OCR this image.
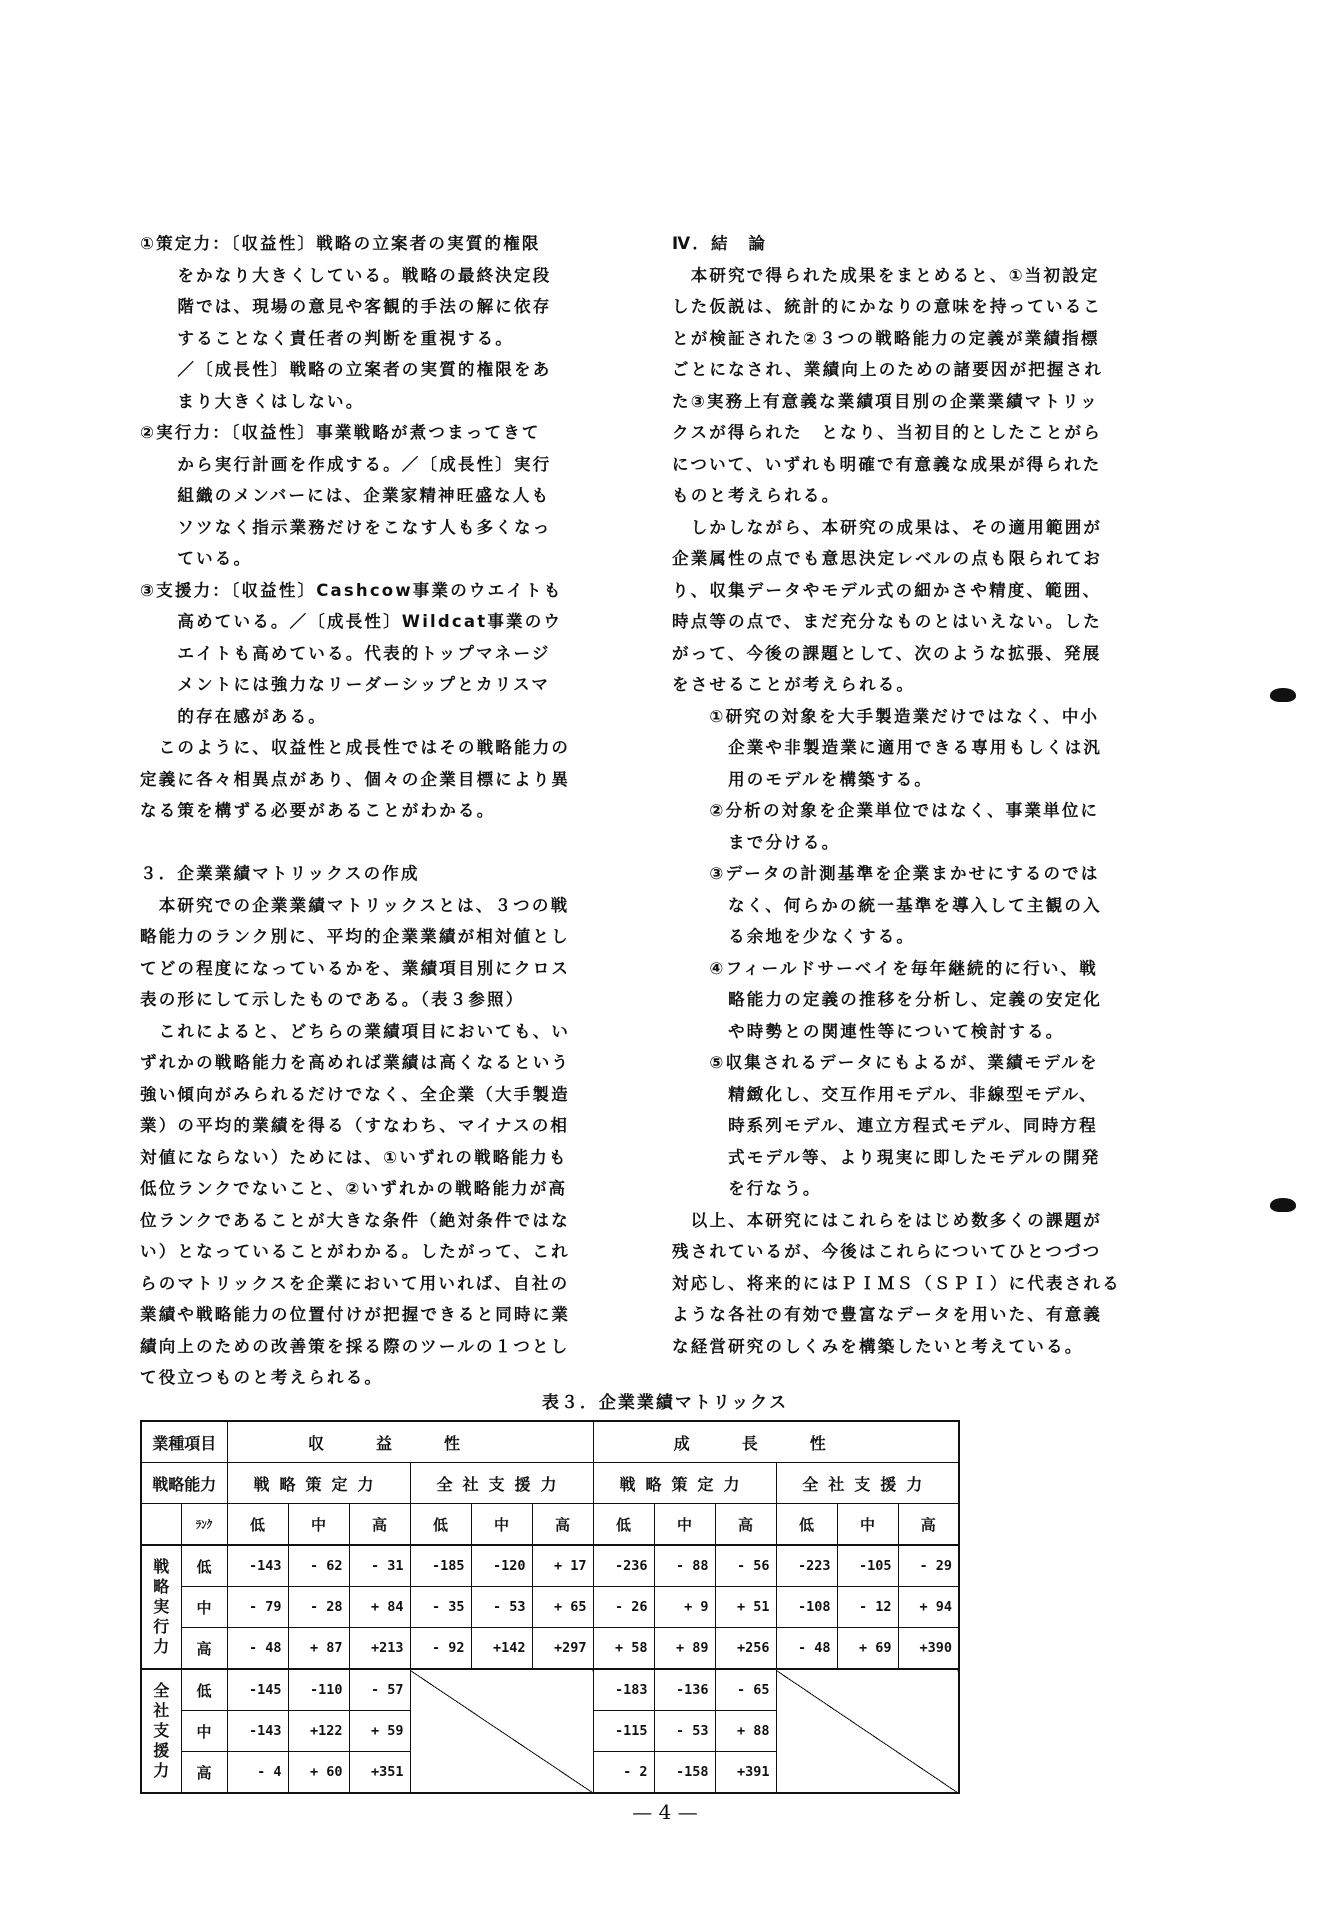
①策定力：〔収益性〕戦略の立案者の実質的権限

　　をかなり大きくしている。戦略の最終決定段

　　階では、現場の意見や客観的手法の解に依存

　　することなく責任者の判断を重視する。

　　／〔成長性〕戦略の立案者の実質的権限をあ

　　まり大きくはしない。

②実行力：〔収益性〕事業戦略が煮つまってきて

　　から実行計画を作成する。／〔成長性〕実行

　　組織のメンバーには、企業家精神旺盛な人も

　　ソツなく指示業務だけをこなす人も多くなっ

　　ている。

③支援力：〔収益性〕Cashcow事業のウエイトも

　　高めている。／〔成長性〕Wildcat事業のウ

　　エイトも高めている。代表的トップマネージ

　　メントには強力なリーダーシップとカリスマ

　　的存在感がある。

　このように、収益性と成長性ではその戦略能力の

定義に各々相異点があり、個々の企業目標により異

なる策を構ずる必要があることがわかる。

３．企業業績マトリックスの作成

　本研究での企業業績マトリックスとは、３つの戦

略能力のランク別に、平均的企業業績が相対値とし

てどの程度になっているかを、業績項目別にクロス

表の形にして示したものである。（表３参照）

　これによると、どちらの業績項目においても、い

ずれかの戦略能力を高めれば業績は高くなるという

強い傾向がみられるだけでなく、全企業（大手製造

業）の平均的業績を得る（すなわち、マイナスの相

対値にならない）ためには、①いずれの戦略能力も

低位ランクでないこと、②いずれかの戦略能力が高

位ランクであることが大きな条件（絶対条件ではな

い）となっていることがわかる。したがって、これ

らのマトリックスを企業において用いれば、自社の

業績や戦略能力の位置付けが把握できると同時に業

績向上のための改善策を採る際のツールの１つとし

て役立つものと考えられる。

Ⅳ．結　論

　本研究で得られた成果をまとめると、①当初設定

した仮説は、統計的にかなりの意味を持っているこ

とが検証された②３つの戦略能力の定義が業績指標

ごとになされ、業績向上のための諸要因が把握され

た③実務上有意義な業績項目別の企業業績マトリッ

クスが得られた　となり、当初目的としたことがら

について、いずれも明確で有意義な成果が得られた

ものと考えられる。

　しかしながら、本研究の成果は、その適用範囲が

企業属性の点でも意思決定レベルの点も限られてお

り、収集データやモデル式の細かさや精度、範囲、

時点等の点で、まだ充分なものとはいえない。した

がって、今後の課題として、次のような拡張、発展

をさせることが考えられる。

　　①研究の対象を大手製造業だけではなく、中小

　　　企業や非製造業に適用できる専用もしくは汎

　　　用のモデルを構築する。

　　②分析の対象を企業単位ではなく、事業単位に

　　　まで分ける。

　　③データの計測基準を企業まかせにするのでは

　　　なく、何らかの統一基準を導入して主観の入

　　　る余地を少なくする。

　　④フィールドサーベイを毎年継続的に行い、戦

　　　略能力の定義の推移を分析し、定義の安定化

　　　や時勢との関連性等について検討する。

　　⑤収集されるデータにもよるが、業績モデルを

　　　精緻化し、交互作用モデル、非線型モデル、

　　　時系列モデル、連立方程式モデル、同時方程

　　　式モデル等、より現実に即したモデルの開発

　　　を行なう。

　以上、本研究にはこれらをはじめ数多くの課題が

残されているが、今後はこれらについてひとつづつ

対応し、将来的にはＰＩＭＳ（ＳＰＩ）に代表される

ような各社の有効で豊富なデータを用いた、有意義

な経営研究のしくみを構築したいと考えている。

表３．企業業績マトリックス
業種項目		収益性						成長性					
戦略能力		戦略策定力			全社支援力			戦略策定力			全社支援力		
	ﾗﾝｸ	低	中	高	低	中	高	低	中	高	低	中	高
戦略実行力	低	-143	- 62	- 31	-185	-120	+ 17	-236	- 88	- 56	-223	-105	- 29
	中	- 79	- 28	+ 84	- 35	- 53	+ 65	- 26	+ 9	+ 51	-108	- 12	+ 94
	高	- 48	+ 87	+213	- 92	+142	+297	+ 58	+ 89	+256	- 48	+ 69	+390
全社支援力	低	-145	-110	- 57				-183	-136	- 65			
	中	-143	+122	+ 59				-115	- 53	+ 88			
	高	- 4	+ 60	+351				- 2	-158	+391			
— 4 —
